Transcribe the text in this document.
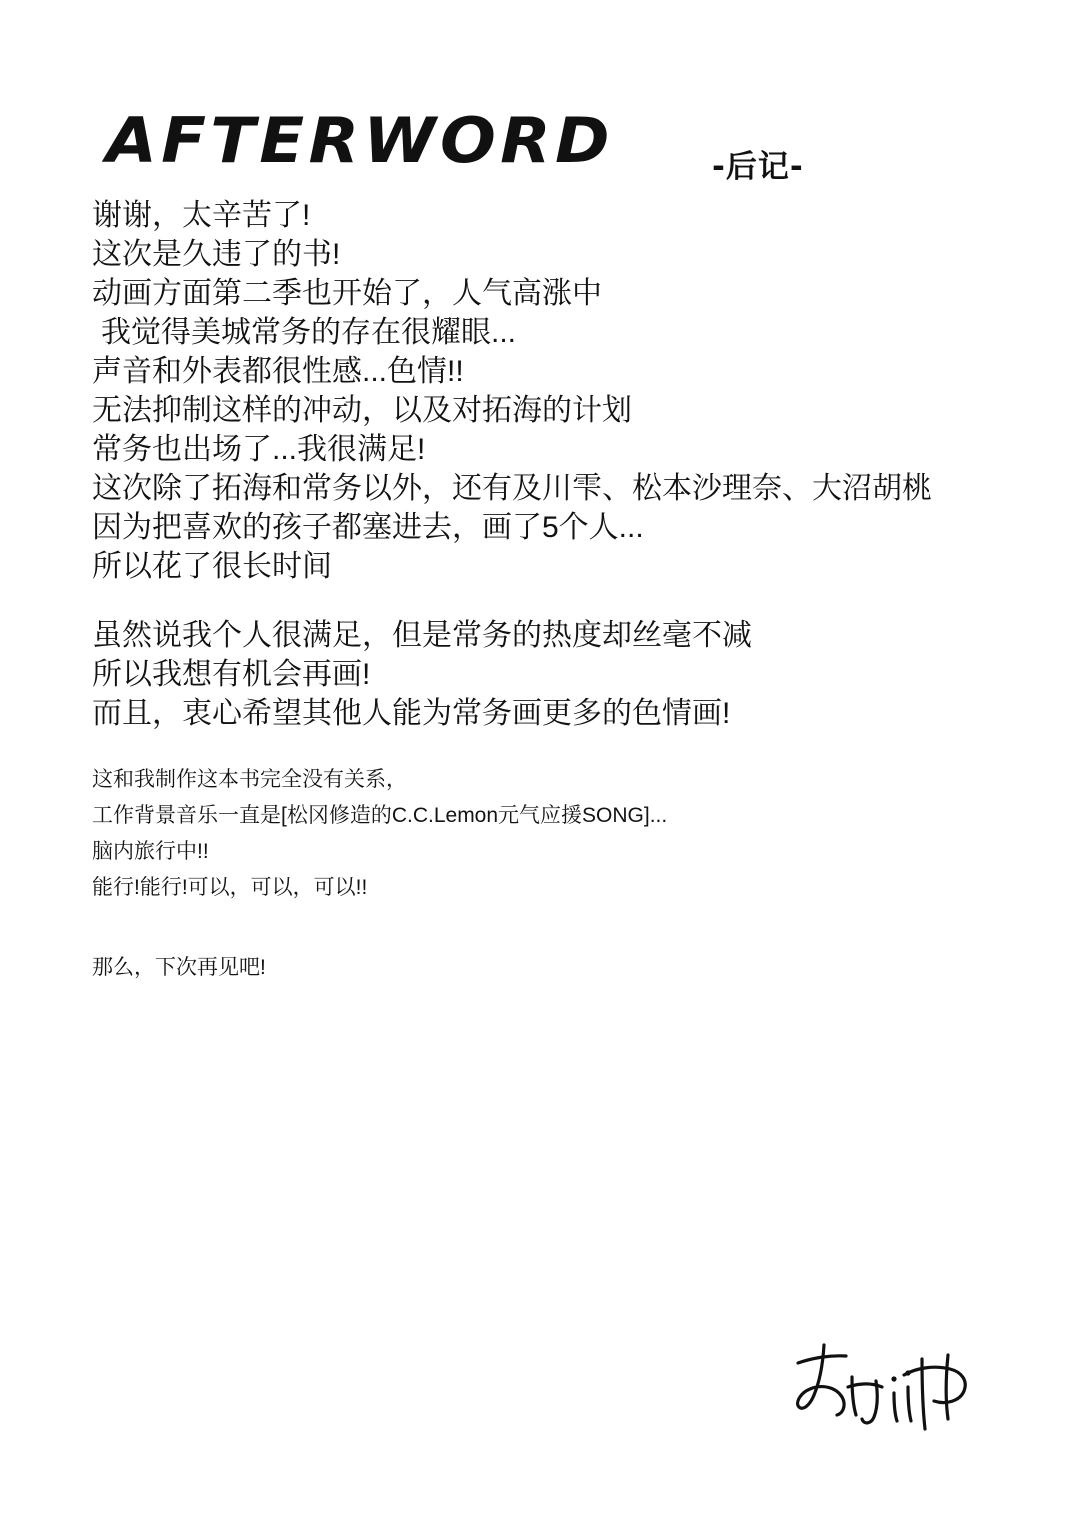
AFTERWORD	-后记-
谢谢，太辛苦了!
这次是久违了的书!
动画方面第二季也开始了，人气高涨中
我觉得美城常务的存在很耀眼...
声音和外表都很性感...色情!!
无法抑制这样的冲动，以及对拓海的计划
常务也出场了...我很满足!
这次除了拓海和常务以外，还有及川雫、松本沙理奈、大沼胡桃
因为把喜欢的孩子都塞进去，画了5个人...
所以花了很长时间
虽然说我个人很满足，但是常务的热度却丝毫不减
所以我想有机会再画!
而且，衷心希望其他人能为常务画更多的色情画!
这和我制作这本书完全没有关系，
工作背景音乐一直是[松冈修造的C.C.Lemon元气应援SONG]...
脑内旅行中!!
能行!能行!可以，可以，可以!!
那么，下次再见吧!
